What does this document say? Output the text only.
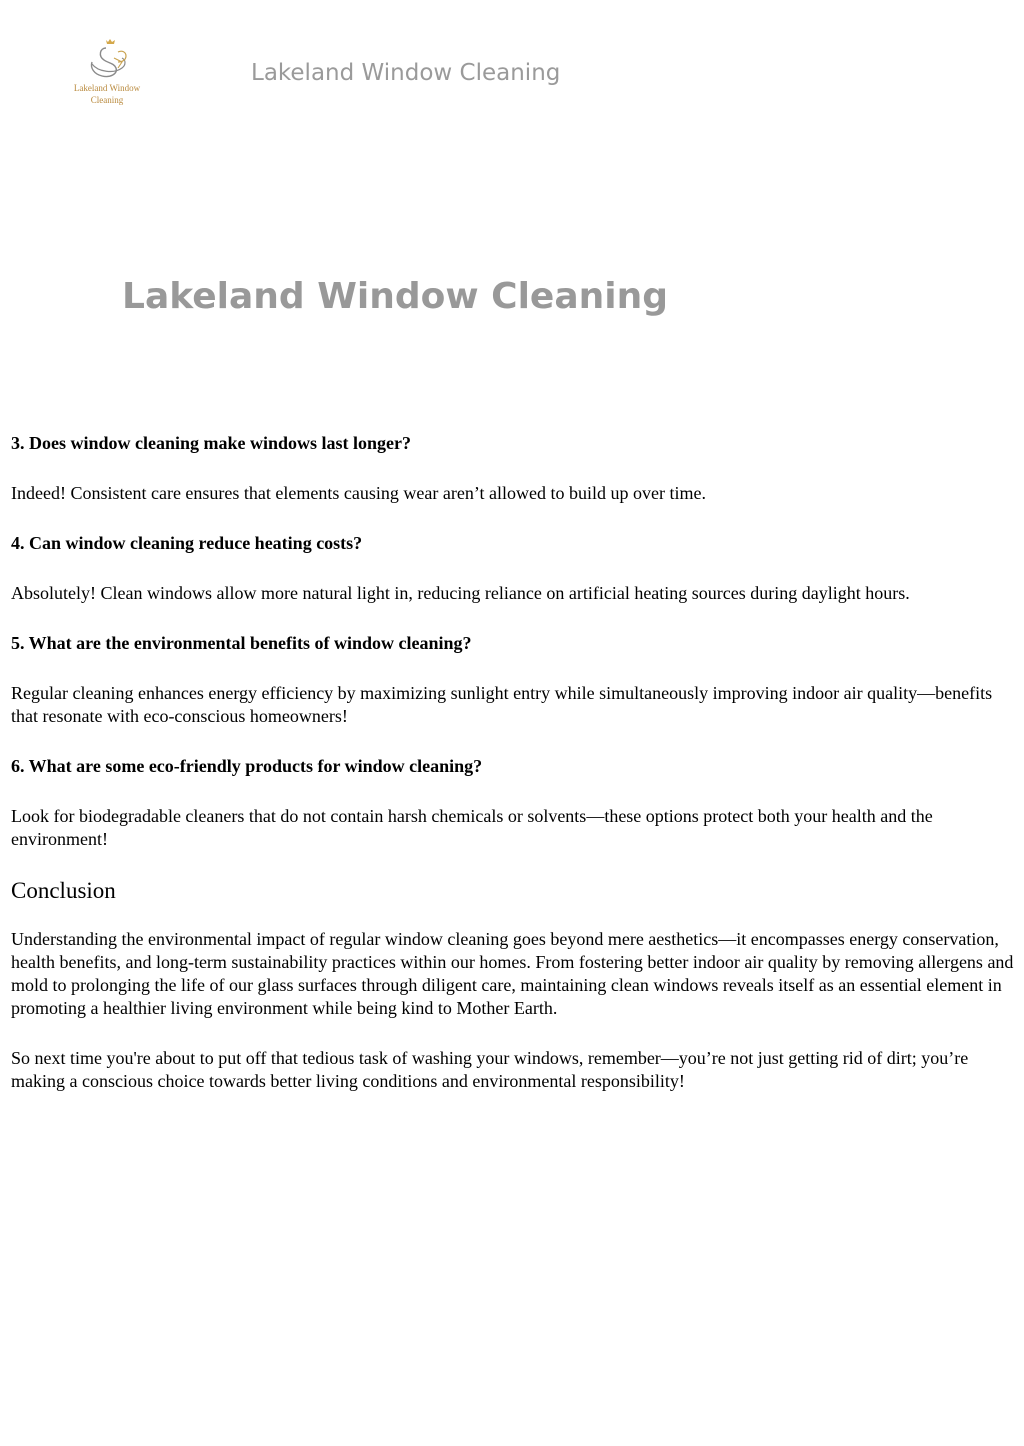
Lakeland Window
Cleaning
Lakeland Window Cleaning
Lakeland Window Cleaning
3. Does window cleaning make windows last longer?

Indeed! Consistent care ensures that elements causing wear aren’t allowed to build up over time.

4. Can window cleaning reduce heating costs?

Absolutely! Clean windows allow more natural light in, reducing reliance on artificial heating sources during daylight hours.

5. What are the environmental benefits of window cleaning?

Regular cleaning enhances energy efficiency by maximizing sunlight entry while simultaneously improving indoor air quality—benefits that resonate with eco-conscious homeowners!

6. What are some eco-friendly products for window cleaning?

Look for biodegradable cleaners that do not contain harsh chemicals or solvents—these options protect both your health and the environment!

Conclusion

Understanding the environmental impact of regular window cleaning goes beyond mere aesthetics—it encompasses energy conservation, health benefits, and long-term sustainability practices within our homes. From fostering better indoor air quality by removing allergens and mold to prolonging the life of our glass surfaces through diligent care, maintaining clean windows reveals itself as an essential element in promoting a healthier living environment while being kind to Mother Earth.

So next time you're about to put off that tedious task of washing your windows, remember—you’re not just getting rid of dirt; you’re making a conscious choice towards better living conditions and environmental responsibility!
